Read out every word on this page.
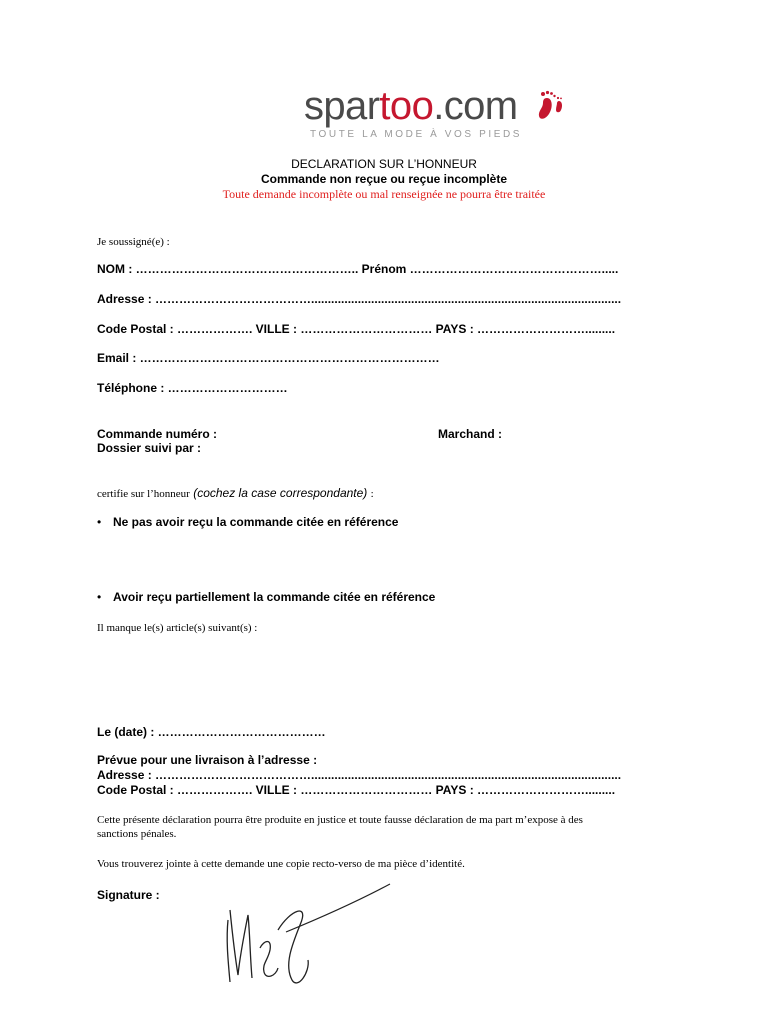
spartoo.com
TOUTE LA MODE À VOS PIEDS
DECLARATION SUR L’HONNEUR
Commande non reçue ou reçue incomplète
Toute demande incomplète ou mal renseignée ne pourra être traitée
Je soussigné(e) :
NOM : ……………………………………………….. Prénom ………………………………………….....
Adresse : ………………………………….............................................................................................
Code Postal : ………………. VILLE : …………………………… PAYS : ……………………….........
Email : …………………………………………………………………
Téléphone : …………………………
Commande numéro :	Marchand :
Dossier suivi par :
certifie sur l’honneur (cochez la case correspondante) :
• Ne pas avoir reçu la commande citée en référence
• Avoir reçu partiellement la commande citée en référence
Il manque le(s) article(s) suivant(s) :
Le (date) : ……………………………………
Prévue pour une livraison à l’adresse :
Adresse : ………………………………….............................................................................................
Code Postal : ………………. VILLE : …………………………… PAYS : ……………………….........
Cette présente déclaration pourra être produite en justice et toute fausse déclaration de ma part m’expose à des
sanctions pénales.
Vous trouverez jointe à cette demande une copie recto-verso de ma pièce d’identité.
Signature :
